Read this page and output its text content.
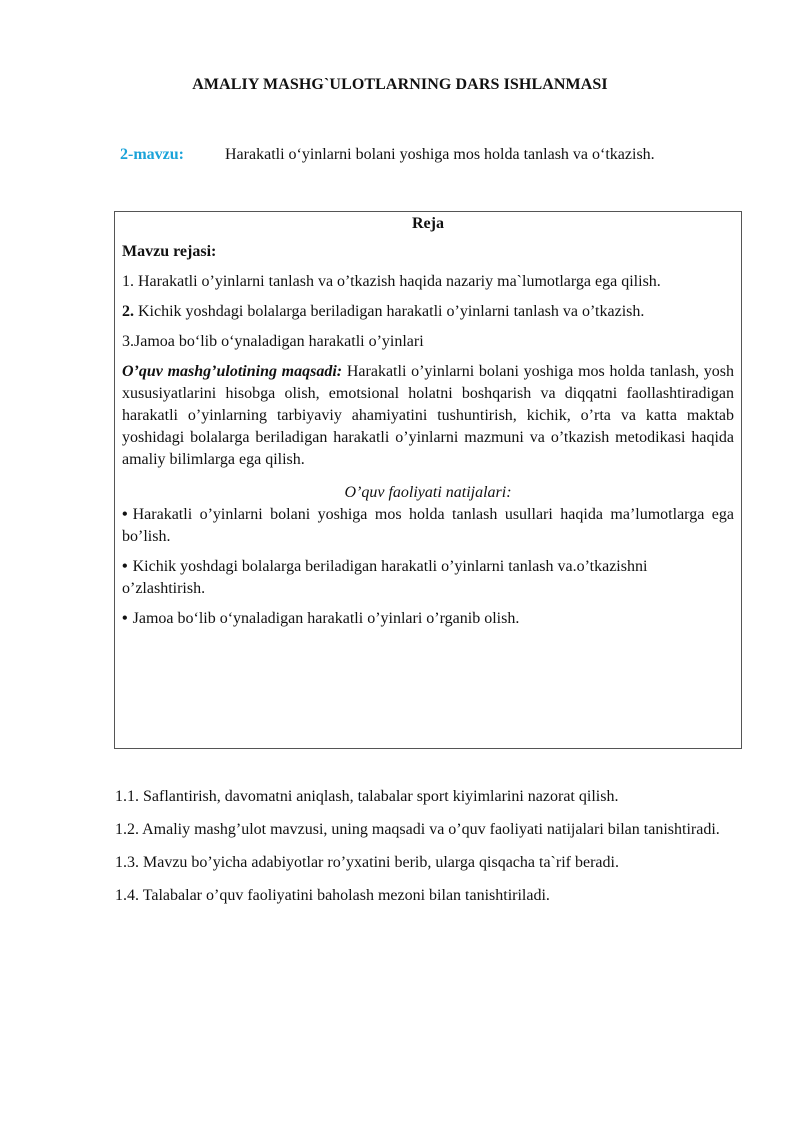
AMALIY MASHG`ULOTLARNING DARS ISHLANMASI
2-mavzu:	Harakatli o‘yinlarni bolani yoshiga mos holda tanlash va o‘tkazish.

Reja

Mavzu rejasi:

1. Harakatli o’yinlarni tanlash va o’tkazish haqida nazariy ma`lumotlarga ega qilish.

2. Kichik yoshdagi bolalarga beriladigan harakatli o’yinlarni tanlash va o’tkazish.

3.Jamoa bo‘lib o‘ynaladigan harakatli o’yinlari

O’quv mashg’ulotining maqsadi: Harakatli o’yinlarni bolani yoshiga mos holda tanlash, yosh xususiyatlarini hisobga olish, emotsional holatni boshqarish va diqqatni faollashtiradigan harakatli o’yinlarning tarbiyaviy ahamiyatini tushuntirish, kichik, o’rta va katta maktab yoshidagi bolalarga beriladigan harakatli o’yinlarni mazmuni va o’tkazish metodikasi haqida amaliy bilimlarga ega qilish.

O’quv faoliyati natijalari:

• Harakatli o’yinlarni bolani yoshiga mos holda tanlash usullari haqida ma’lumotlarga ega bo’lish.

• Kichik yoshdagi bolalarga beriladigan harakatli o’yinlarni tanlash va.o’tkazishni o’zlashtirish.

• Jamoa bo‘lib o‘ynaladigan harakatli o’yinlari o’rganib olish.

1.1. Saflantirish, davomatni aniqlash, talabalar sport kiyimlarini nazorat qilish.

1.2. Amaliy mashg’ulot mavzusi, uning maqsadi va o’quv faoliyati natijalari bilan tanishtiradi.

1.3. Mavzu bo’yicha adabiyotlar ro’yxatini berib, ularga qisqacha ta`rif beradi.

1.4. Talabalar o’quv faoliyatini baholash mezoni bilan tanishtiriladi.
